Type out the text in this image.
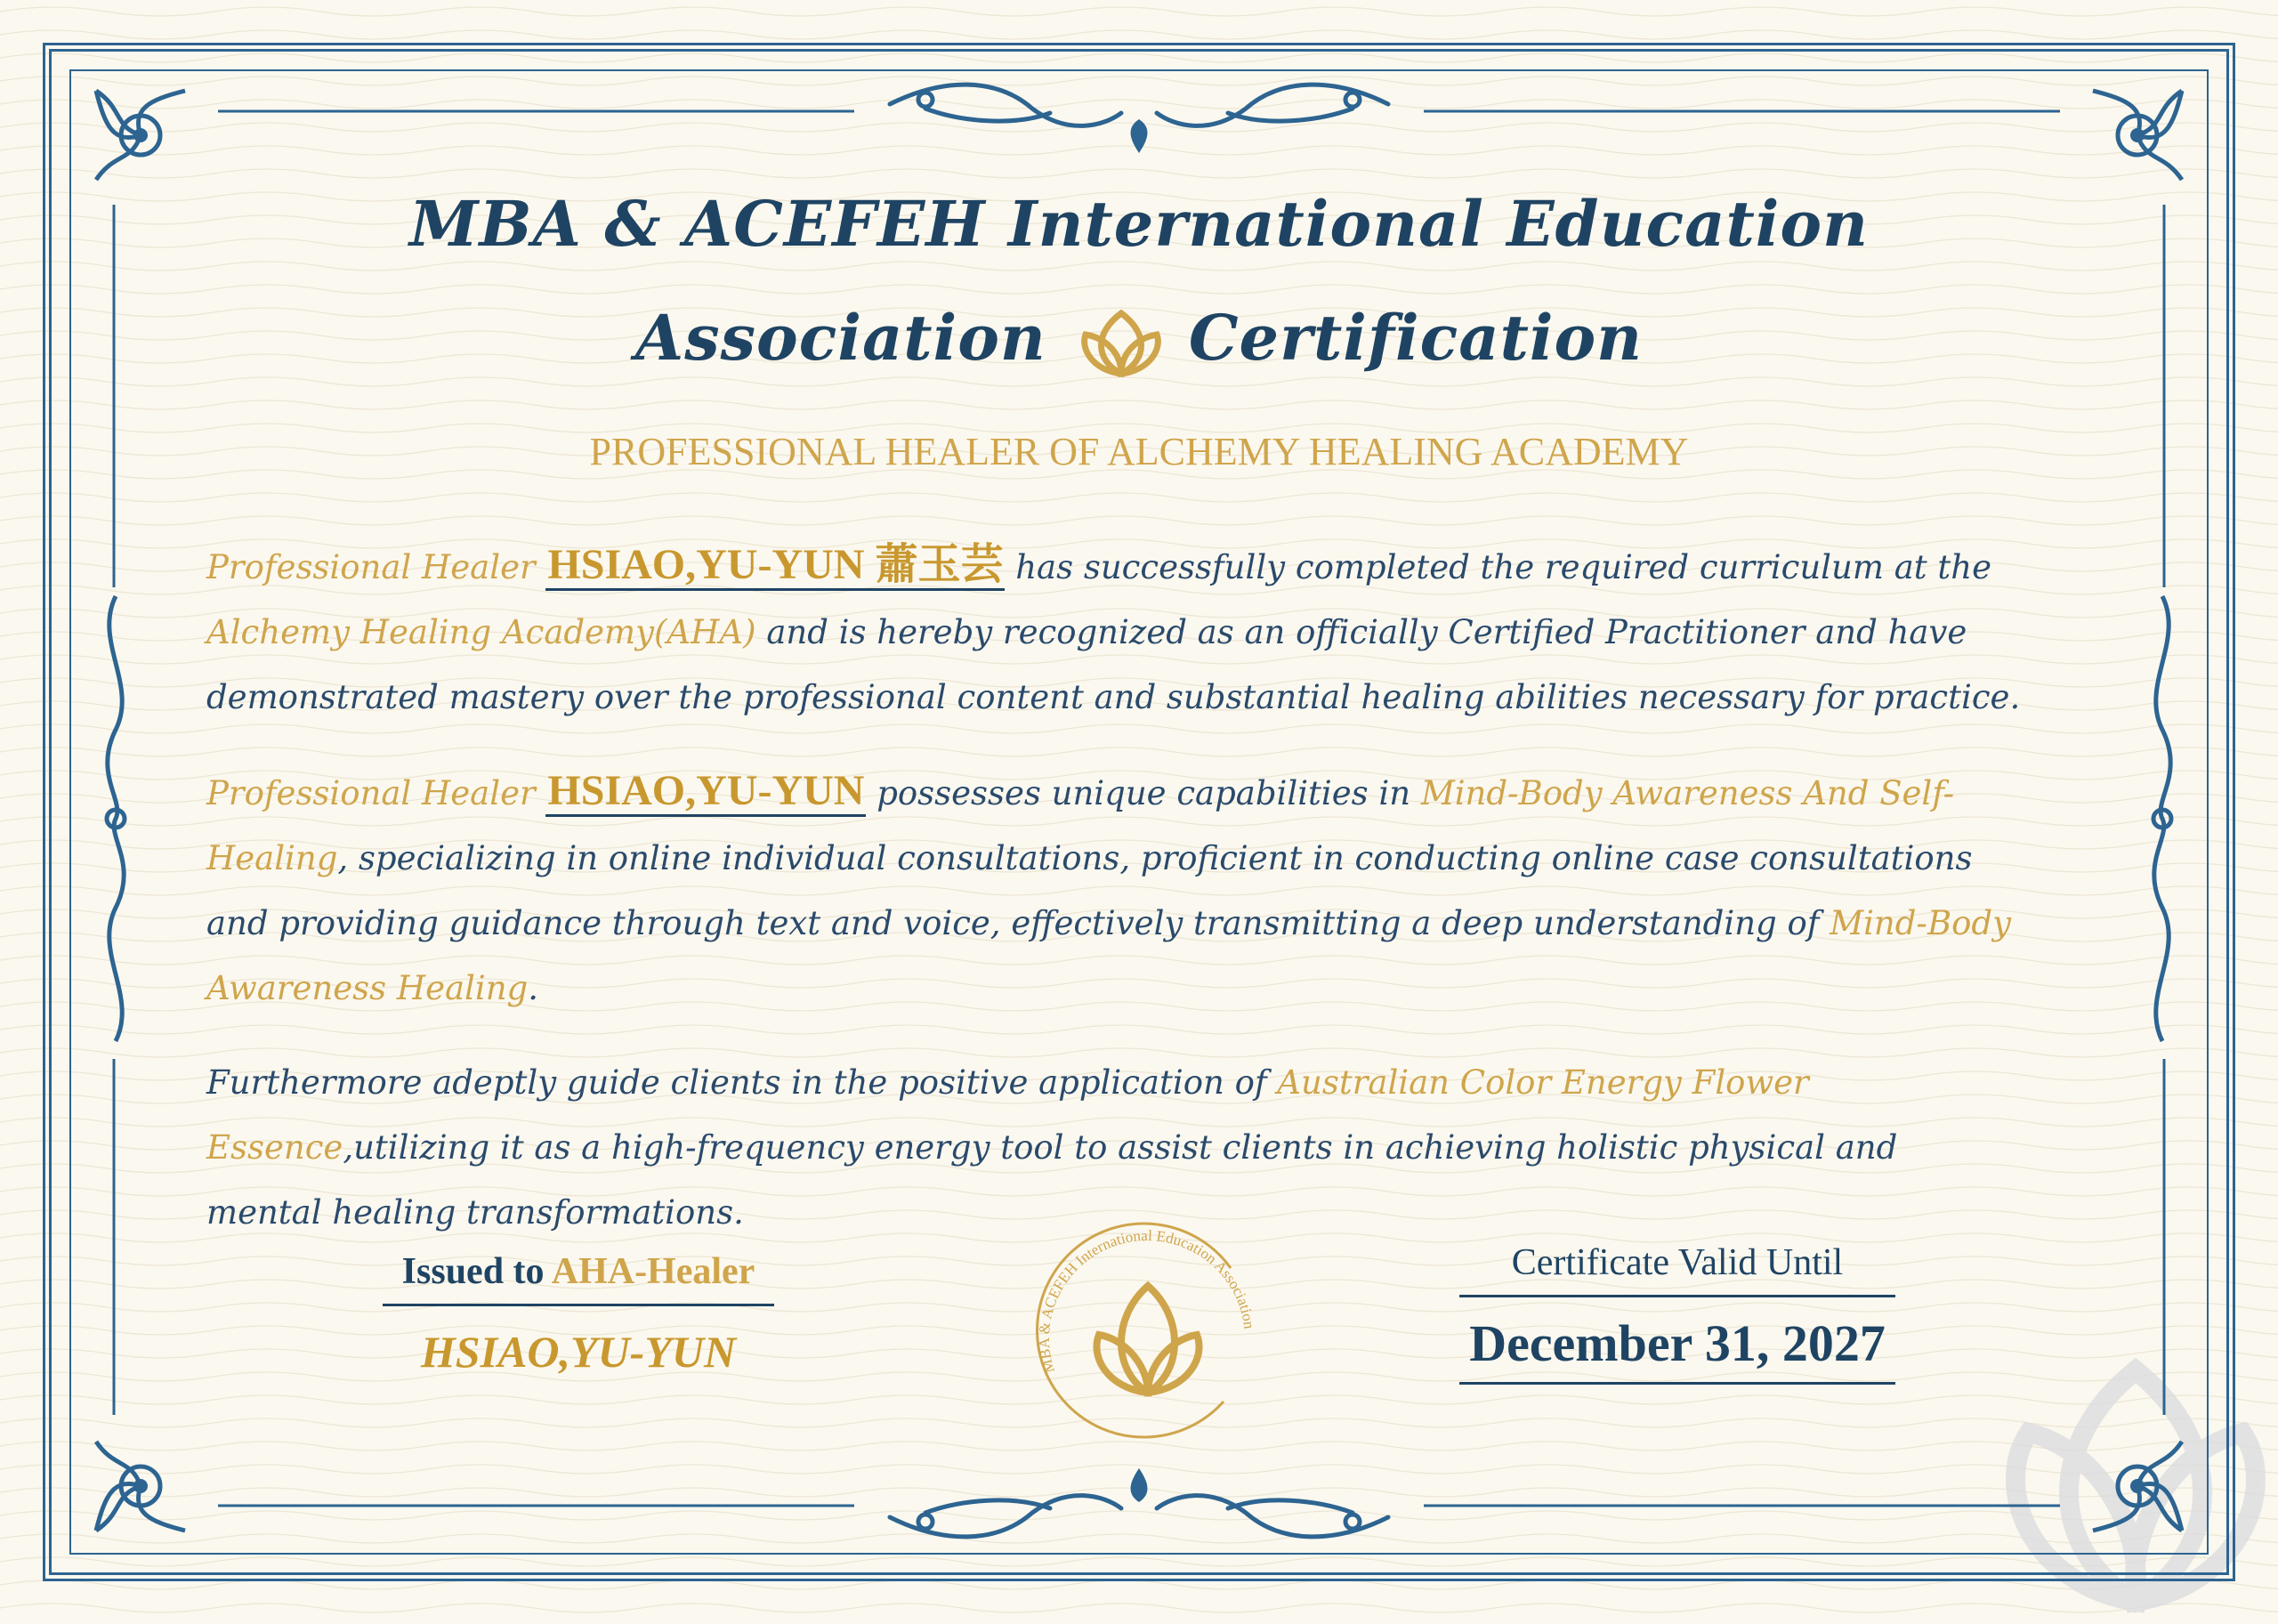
MBA & ACEFEH International Education
Association Certification
PROFESSIONAL HEALER OF ALCHEMY HEALING ACADEMY
Professional Healer HSIAO,YU-YUN 蕭玉芸 has successfully completed the required curriculum at the Alchemy Healing Academy(AHA) and is hereby recognized as an officially Certified Practitioner and have demonstrated mastery over the professional content and substantial healing abilities necessary for practice.
Professional Healer HSIAO,YU-YUN possesses unique capabilities in Mind-Body Awareness And Self-Healing, specializing in online individual consultations, proficient in conducting online case consultations and providing guidance through text and voice, effectively transmitting a deep understanding of Mind-Body Awareness Healing.
Furthermore adeptly guide clients in the positive application of Australian Color Energy Flower Essence,utilizing it as a high-frequency energy tool to assist clients in achieving holistic physical and mental healing transformations.
Issued to AHA-Healer
HSIAO,YU-YUN	MBA & ACEFEH International Education Association
Certificate Valid Until
December 31, 2027
